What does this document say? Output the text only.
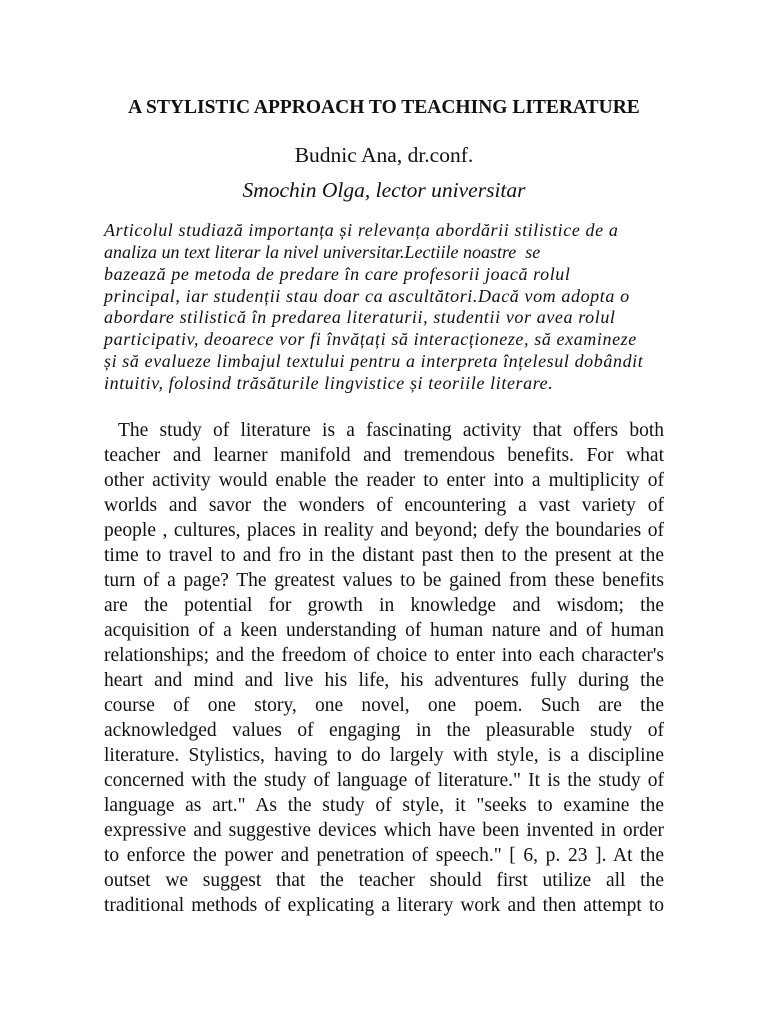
A STYLISTIC APPROACH TO TEACHING LITERATURE
Budnic Ana, dr.conf.
Smochin Olga, lector universitar
Articolul studiază importanța și relevanța abordării stilistice de a
analiza un text literar la nivel universitar.Lectiile noastre  se
bazează pe metoda de predare în care profesorii joacă rolul
principal, iar studenții stau doar ca ascultători.Dacă vom adopta o
abordare stilistică în predarea literaturii, studentii vor avea rolul
participativ, deoarece vor fi învățați să interacționeze, să examineze
și să evalueze limbajul textului pentru a interpreta înțelesul dobândit
intuitiv, folosind trăsăturile lingvistice și teoriile literare.
The study of literature is a fascinating activity that offers both
teacher and learner manifold and tremendous benefits. For what
other activity would enable the reader to enter into a multiplicity of
worlds and savor the wonders of encountering a vast variety of
people , cultures, places in reality and beyond; defy the boundaries of
time to travel to and fro in the distant past then to the present at the
turn of a page? The greatest values to be gained from these benefits
are the potential for growth in knowledge and wisdom; the
acquisition of a keen understanding of human nature and of human
relationships; and the freedom of choice to enter into each character's
heart and mind and live his life, his adventures fully during the
course of one story, one novel, one poem. Such are the
acknowledged values of engaging in the pleasurable study of
literature. Stylistics, having to do largely with style, is a discipline
concerned with the study of language of literature." It is the study of
language as art." As the study of style, it "seeks to examine the
expressive and suggestive devices which have been invented in order
to enforce the power and penetration of speech." [ 6, p. 23 ]. At the
outset we suggest that the teacher should first utilize all the
traditional methods of explicating a literary work and then attempt to
